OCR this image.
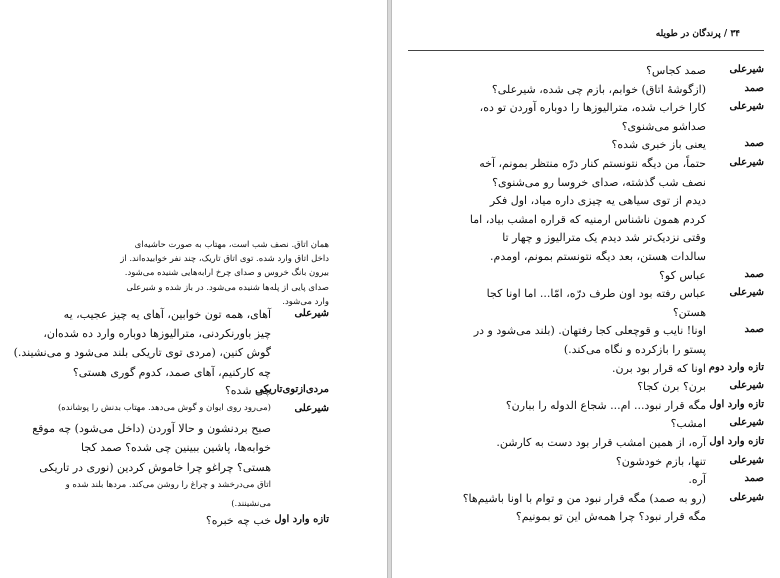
همان اتاق. نصف شب است، مهتاب به صورت حاشیه‌ای
داخل اتاق وارد شده. توی اتاق تاریک، چند نفر خوابیده‌اند. از
بیرون بانگ خروس و صدای چرخ ارابه‌هایی شنیده می‌شود.
صدای پایی از پله‌ها شنیده می‌شود. در باز شده و شیرعلی
وارد می‌شود.
شیرعلی
آهای، همه تون خوابین، آهای یه چیز عجیب، یه
چیز باورنکردنی، متراليوزها دوباره وارد ده شده‌ان،
گوش کنین، (مردی توی تاریکی بلند می‌شود و می‌نشیند.)
چه کارکنیم، آهای صمد، کدوم گوری هستی؟
مردی‌ازتوی‌تاریکی
چی شده؟
شیرعلی
(می‌رود روی ایوان و گوش می‌دهد. مهتاب بدنش را پوشانده)
صبح بردنشون و حالا آوردن (داخل می‌شود) چه موقع
خوابه‌ها، پاشین ببینین چی شده؟ صمد کجا
هستی؟ چراغو چرا خاموش کردین (نوری در تاریکی
اتاق می‌درخشد و چراغ را روشن می‌کند. مردها بلند شده و
می‌نشینند.)
تازه وارد اول
خب چه خبره؟
۳۴ / پرندگان در طویله
شیرعلی
صمد کجاس؟
صمد
(ازگوشۀ اتاق) خوابم، بازم چی شده، شیرعلی؟
شیرعلی
کارا خراب شده، متراليوزها را دوباره آوردن تو ده،
صداشو می‌شنوی؟
صمد
یعنی باز خبری شده؟
شیرعلی
حتماً، من دیگه نتونستم کنار درّه منتظر بمونم، آخه
نصف شب گذشته، صدای خروسا رو می‌شنوی؟
دیدم از توی سیاهی یه چیزی داره میاد، اول فکر
کردم همون ناشناس ارمنیه که قراره امشب بیاد، اما
وقتی نزدیک‌تر شد دیدم یک متراليوز و چهار تا
سالدات هستن، بعد دیگه نتونستم بمونم، اومدم.
صمد
عباس کو؟
شیرعلی
عباس رفته بود اون طرف درّه، امّا... اما اونا کجا
هستن؟
صمد
اونا! نایب و قوچعلی کجا رفتهان. (بلند می‌شود و در
پستو را بازکرده و نگاه می‌کند.)
تازه وارد دوم
اونا که قرار بود برن.
شیرعلی
برن؟ برن کجا؟
تازه وارد اول
مگه قرار نبود... ام... شجاع الدوله را ببارن؟
شیرعلی
امشب؟
تازه وارد اول
آره، از همین امشب قرار بود دست به کارشن.
شیرعلی
تنها، بازم خودشون؟
صمد
آره.
شیرعلی
(رو به صمد) مگه قرار نبود من و توام با اونا باشیم‌ها؟
مگه قرار نبود؟ چرا همه‌ش این تو بمونیم؟
